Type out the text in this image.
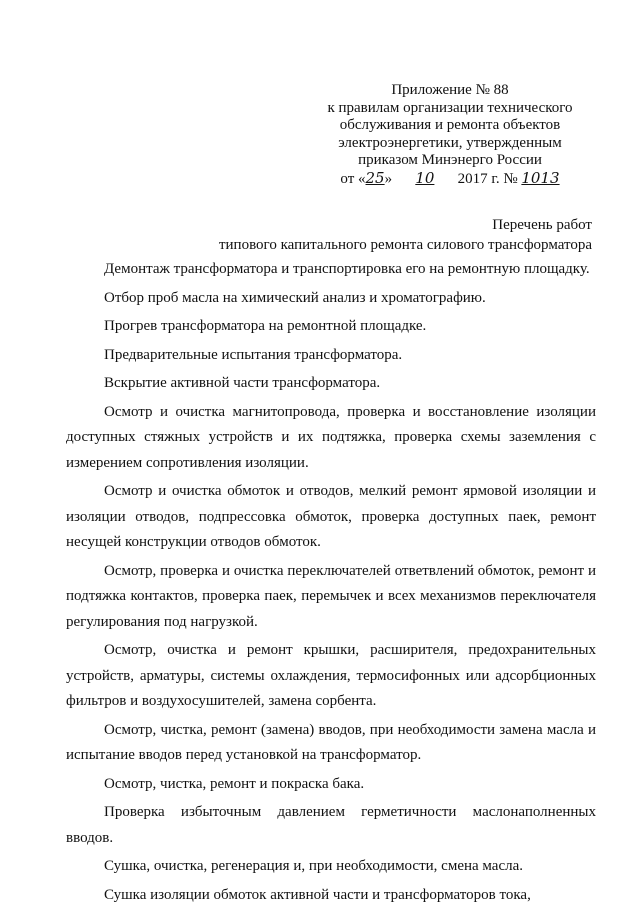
Приложение № 88
к правилам организации технического
обслуживания и ремонта объектов
электроэнергетики, утвержденным
приказом Минэнерго России
от «25» 10 2017 г. № 1013
Перечень работ
типового капитального ремонта силового трансформатора

Демонтаж трансформатора и транспортировка его на ремонтную площадку.

Отбор проб масла на химический анализ и хроматографию.

Прогрев трансформатора на ремонтной площадке.

Предварительные испытания трансформатора.

Вскрытие активной части трансформатора.

Осмотр и очистка магнитопровода, проверка и восстановление изоляции доступных стяжных устройств и их подтяжка, проверка схемы заземления с измерением сопротивления изоляции.

Осмотр и очистка обмоток и отводов, мелкий ремонт ярмовой изоляции и изоляции отводов, подпрессовка обмоток, проверка доступных паек, ремонт несущей конструкции отводов обмоток.

Осмотр, проверка и очистка переключателей ответвлений обмоток, ремонт и подтяжка контактов, проверка паек, перемычек и всех механизмов переключателя регулирования под нагрузкой.

Осмотр, очистка и ремонт крышки, расширителя, предохранительных устройств, арматуры, системы охлаждения, термосифонных или адсорбционных фильтров и воздухосушителей, замена сорбента.

Осмотр, чистка, ремонт (замена) вводов, при необходимости замена масла и испытание вводов перед установкой на трансформатор.

Осмотр, чистка, ремонт и покраска бака.

Проверка избыточным давлением герметичности маслонаполненных вводов.

Сушка, очистка, регенерация и, при необходимости, смена масла.

Сушка изоляции обмоток активной части и трансформаторов тока,
